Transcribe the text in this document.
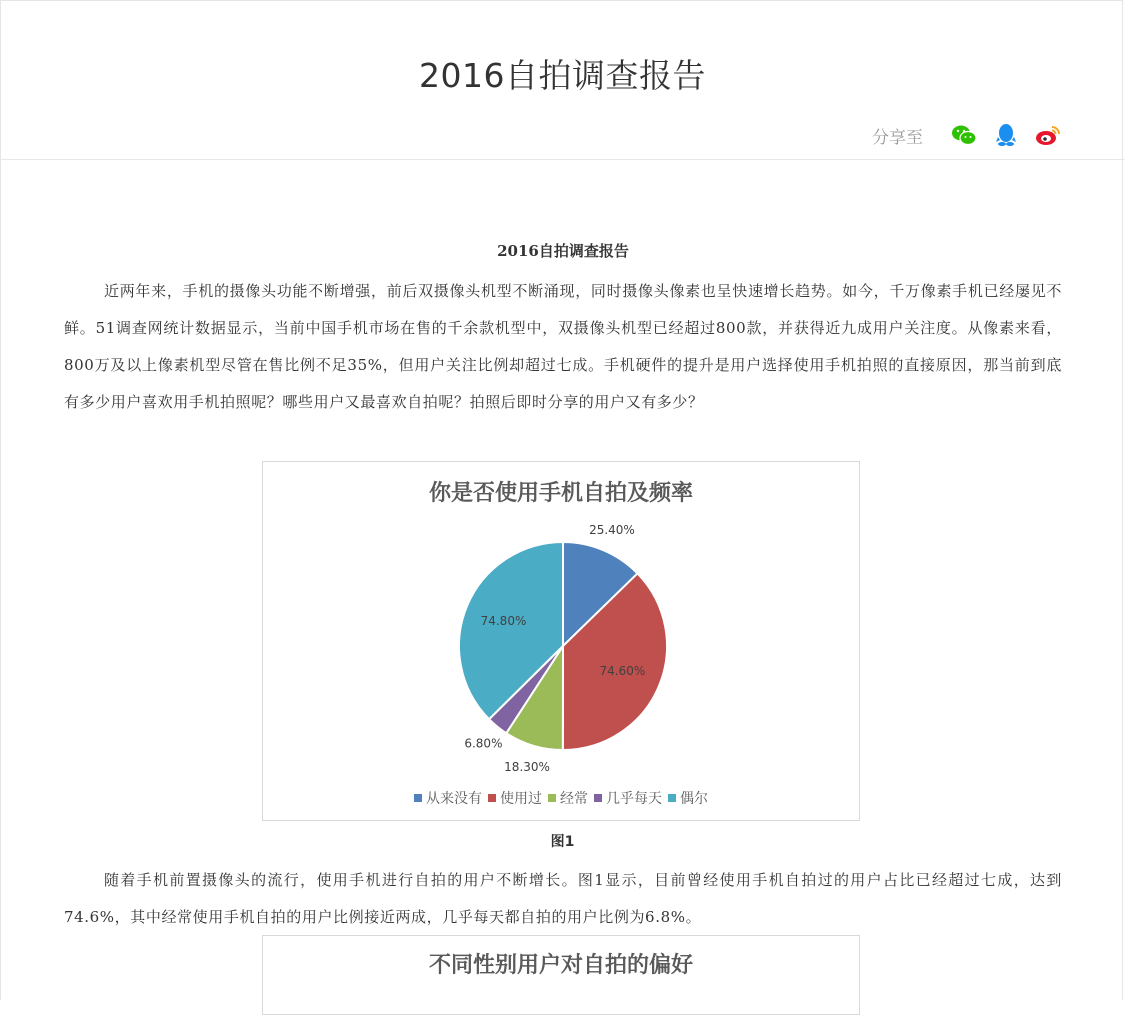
2016自拍调查报告
分享至
2016自拍调查报告

近两年来，手机的摄像头功能不断增强，前后双摄像头机型不断涌现，同时摄像头像素也呈快速增长趋势。如今，千万像素手机已经屡见不鲜。51调查网统计数据显示，当前中国手机市场在售的千余款机型中，双摄像头机型已经超过800款，并获得近九成用户关注度。从像素来看，800万及以上像素机型尽管在售比例不足35%，但用户关注比例却超过七成。手机硬件的提升是用户选择使用手机拍照的直接原因，那当前到底有多少用户喜欢用手机拍照呢？哪些用户又最喜欢自拍呢？拍照后即时分享的用户又有多少？

你是否使用手机自拍及频率
25.40%
74.60%
18.30%
6.80%
74.80%
从来没有 使用过 经常 几乎每天 偶尔
图1

随着手机前置摄像头的流行，使用手机进行自拍的用户不断增长。图1显示，目前曾经使用手机自拍过的用户占比已经超过七成，达到74.6%，其中经常使用手机自拍的用户比例接近两成，几乎每天都自拍的用户比例为6.8%。

不同性别用户对自拍的偏好
